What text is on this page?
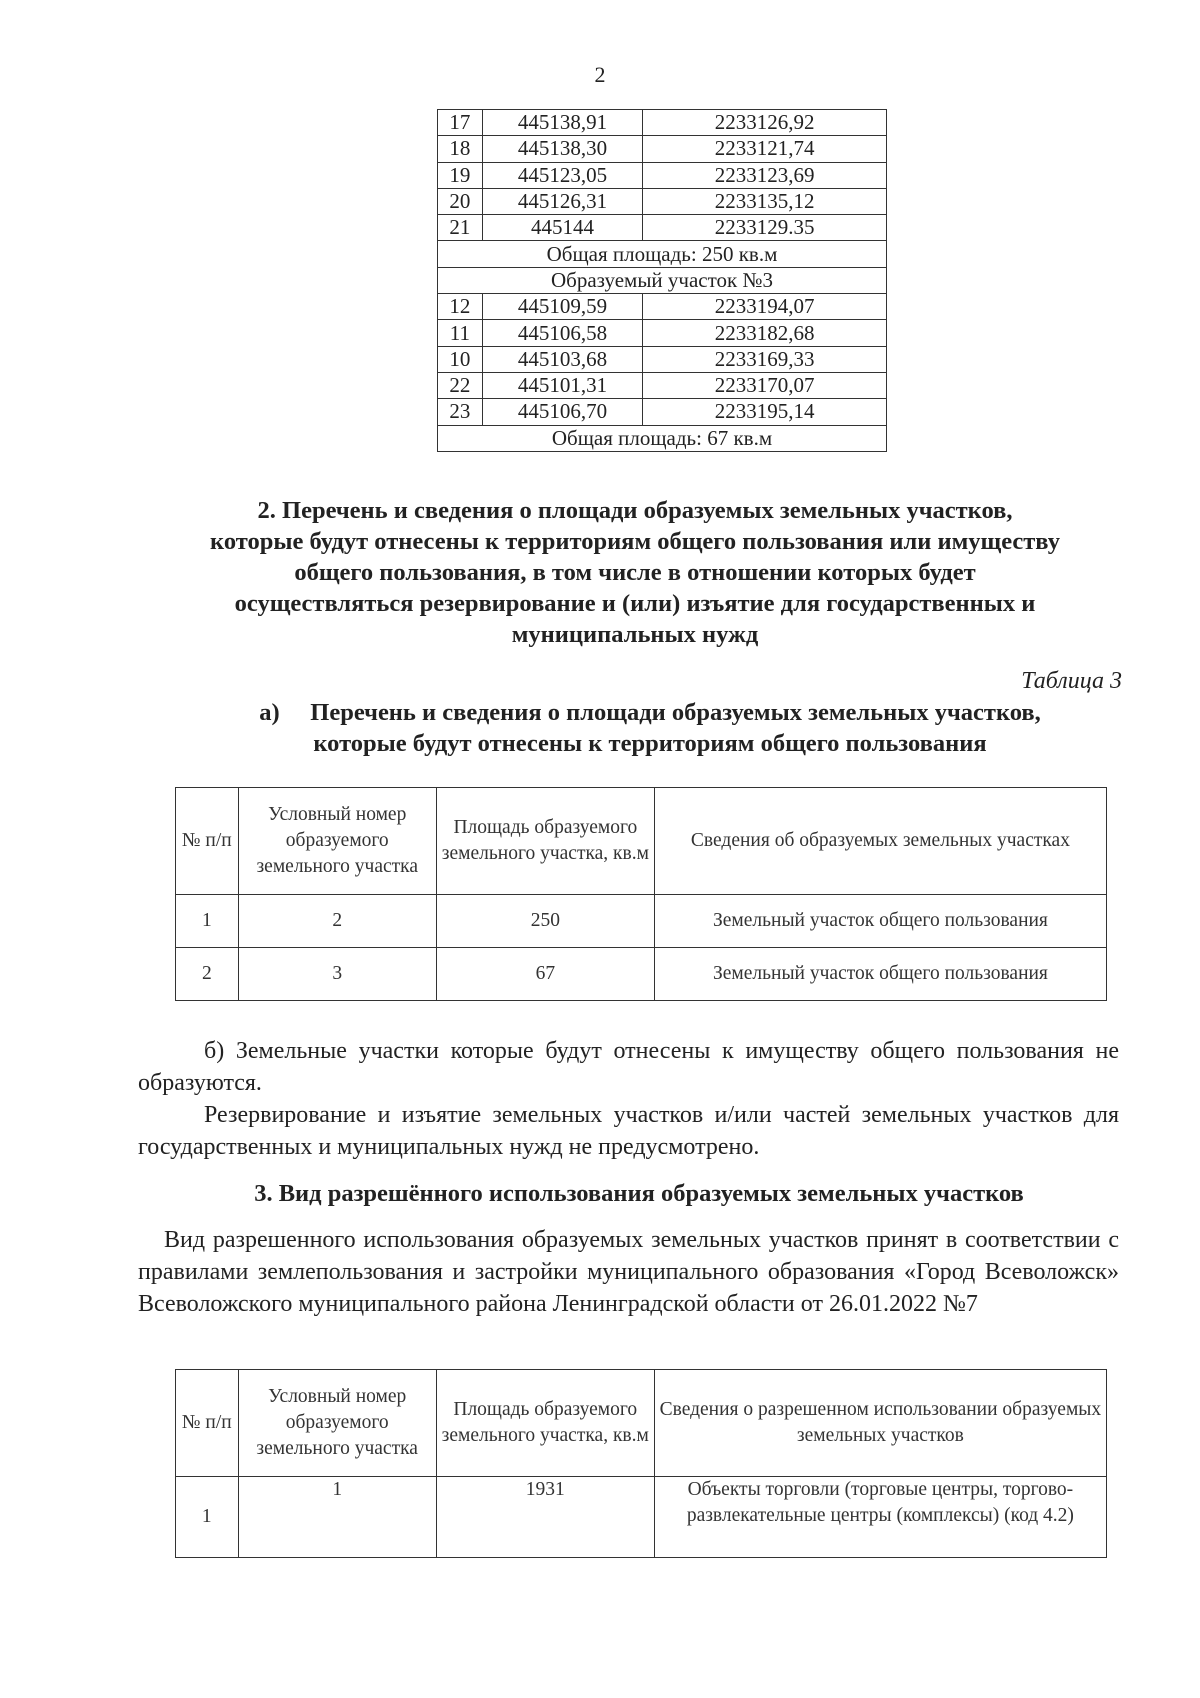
2
17	445138,91	2233126,92
18	445138,30	2233121,74
19	445123,05	2233123,69
20	445126,31	2233135,12
21	445144	2233129.35
Общая площадь: 250 кв.м		
Образуемый участок №3		
12	445109,59	2233194,07
11	445106,58	2233182,68
10	445103,68	2233169,33
22	445101,31	2233170,07
23	445106,70	2233195,14
Общая площадь: 67 кв.м		
2. Перечень и сведения о площади образуемых земельных участков,
которые будут отнесены к территориям общего пользования или имуществу
общего пользования, в том числе в отношении которых будет
осуществляться резервирование и (или) изъятие для государственных и
муниципальных нужд
Таблица 3
а)     Перечень и сведения о площади образуемых земельных участков,
которые будут отнесены к территориям общего пользования
№ п/п	Условный номер образуемого земельного участка	Площадь образуемого земельного участка, кв.м	Сведения об образуемых земельных участках
1	2	250	Земельный участок общего пользования
2	3	67	Земельный участок общего пользования
б) Земельные участки которые будут отнесены к имуществу общего пользования не образуются.
Резервирование и изъятие земельных участков и/или частей земельных участков для государственных и муниципальных нужд не предусмотрено.
3. Вид разрешённого использования образуемых земельных участков
Вид разрешенного использования образуемых земельных участков принят в соответствии с правилами землепользования и застройки муниципального образования «Город Всеволожск» Всеволожского муниципального района Ленинградской области от 26.01.2022 №7
№ п/п	Условный номер образуемого земельного участка	Площадь образуемого земельного участка, кв.м	Сведения о разрешенном использовании образуемых земельных участков
1	1	1931	Объекты торговли (торговые центры, торгово-развлекательные центры (комплексы) (код 4.2)
